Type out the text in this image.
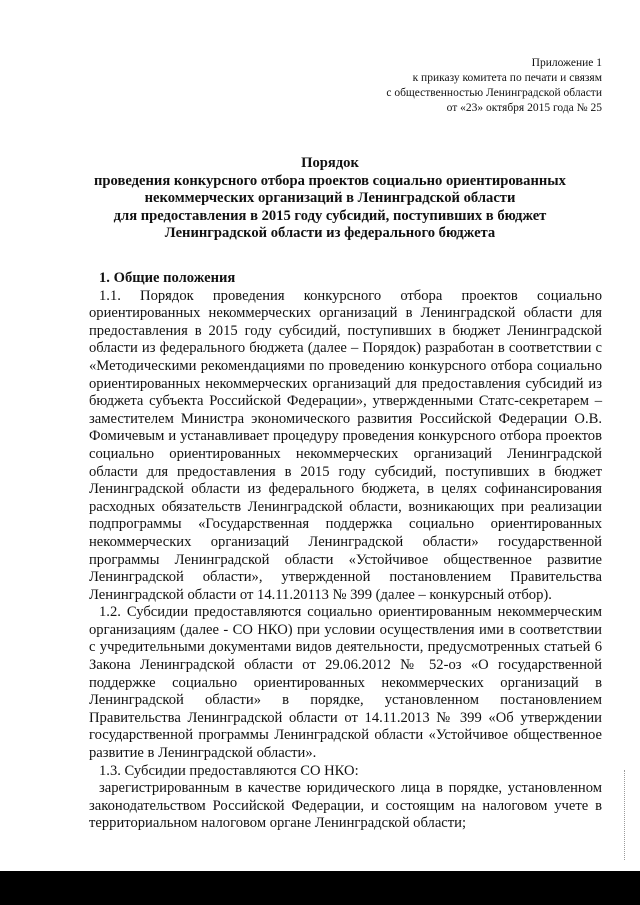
Приложение 1
к приказу комитета по печати и связям
с общественностью Ленинградской области
от «23» октября 2015 года № 25
Порядок
проведения конкурсного отбора проектов социально ориентированных
некоммерческих организаций в Ленинградской области
для предоставления в 2015 году субсидий, поступивших в бюджет
Ленинградской области из федерального бюджета
1. Общие положения
1.1. Порядок проведения конкурсного отбора проектов социально ориентированных некоммерческих организаций в Ленинградской области для предоставления в 2015 году субсидий, поступивших в бюджет Ленинградской области из федерального бюджета (далее – Порядок) разработан в соответствии с «Методическими рекомендациями по проведению конкурсного отбора социально ориентированных некоммерческих организаций для предоставления субсидий из бюджета субъекта Российской Федерации», утвержденными Статс-секретарем – заместителем Министра экономического развития Российской Федерации О.В. Фомичевым и устанавливает процедуру проведения конкурсного отбора проектов социально ориентированных некоммерческих организаций Ленинградской области для предоставления в 2015 году субсидий, поступивших в бюджет Ленинградской области из федерального бюджета, в целях софинансирования расходных обязательств Ленинградской области, возникающих при реализации подпрограммы «Государственная поддержка социально ориентированных некоммерческих организаций Ленинградской области» государственной программы Ленинградской области «Устойчивое общественное развитие Ленинградской области», утвержденной постановлением Правительства Ленинградской области от 14.11.20113 № 399 (далее – конкурсный отбор).
1.2. Субсидии предоставляются социально ориентированным некоммерческим организациям (далее - СО НКО) при условии осуществления ими в соответствии с учредительными документами видов деятельности, предусмотренных статьей 6 Закона Ленинградской области от 29.06.2012 № 52-оз «О государственной поддержке социально ориентированных некоммерческих организаций в Ленинградской области» в порядке, установленном постановлением Правительства Ленинградской области от 14.11.2013 № 399 «Об утверждении государственной программы Ленинградской области «Устойчивое общественное развитие в Ленинградской области».
1.3. Субсидии предоставляются СО НКО:
зарегистрированным в качестве юридического лица в порядке, установленном законодательством Российской Федерации, и состоящим на налоговом учете в территориальном налоговом органе Ленинградской области;
